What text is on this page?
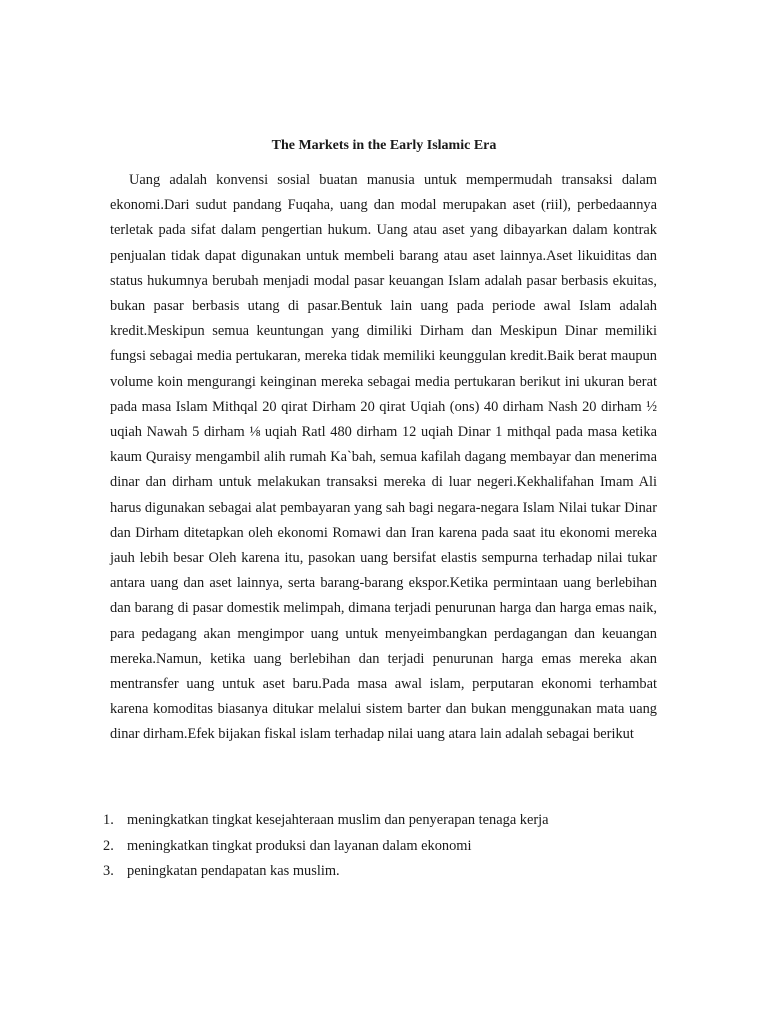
The Markets in the Early Islamic Era

Uang adalah konvensi sosial buatan manusia untuk mempermudah transaksi dalam ekonomi.Dari sudut pandang Fuqaha, uang dan modal merupakan aset (riil), perbedaannya terletak pada sifat dalam pengertian hukum. Uang atau aset yang dibayarkan dalam kontrak penjualan tidak dapat digunakan untuk membeli barang atau aset lainnya.Aset likuiditas dan status hukumnya berubah menjadi modal pasar keuangan Islam adalah pasar berbasis ekuitas, bukan pasar berbasis utang di pasar.Bentuk lain uang pada periode awal Islam adalah kredit.Meskipun semua keuntungan yang dimiliki Dirham dan Meskipun Dinar memiliki fungsi sebagai media pertukaran, mereka tidak memiliki keunggulan kredit.Baik berat maupun volume koin mengurangi keinginan mereka sebagai media pertukaran berikut ini ukuran berat pada masa Islam Mithqal 20 qirat Dirham 20 qirat Uqiah (ons) 40 dirham Nash 20 dirham ½ uqiah Nawah 5 dirham ⅛ uqiah Ratl 480 dirham 12 uqiah Dinar 1 mithqal pada masa ketika kaum Quraisy mengambil alih rumah Ka`bah, semua kafilah dagang membayar dan menerima dinar dan dirham untuk melakukan transaksi mereka di luar negeri.Kekhalifahan Imam Ali harus digunakan sebagai alat pembayaran yang sah bagi negara-negara Islam Nilai tukar Dinar dan Dirham ditetapkan oleh ekonomi Romawi dan Iran karena pada saat itu ekonomi mereka jauh lebih besar Oleh karena itu, pasokan uang bersifat elastis sempurna terhadap nilai tukar antara uang dan aset lainnya, serta barang-barang ekspor.Ketika permintaan uang berlebihan dan barang di pasar domestik melimpah, dimana terjadi penurunan harga dan harga emas naik, para pedagang akan mengimpor uang untuk menyeimbangkan perdagangan dan keuangan mereka.Namun, ketika uang berlebihan dan terjadi penurunan harga emas mereka akan mentransfer uang untuk aset baru.Pada masa awal islam, perputaran ekonomi terhambat karena komoditas biasanya ditukar melalui sistem barter dan bukan menggunakan mata uang dinar dirham.Efek bijakan fiskal islam terhadap nilai uang atara lain adalah sebagai berikut

1. meningkatkan tingkat kesejahteraan muslim dan penyerapan tenaga kerja
2. meningkatkan tingkat produksi dan layanan dalam ekonomi
3. peningkatan pendapatan kas muslim.
